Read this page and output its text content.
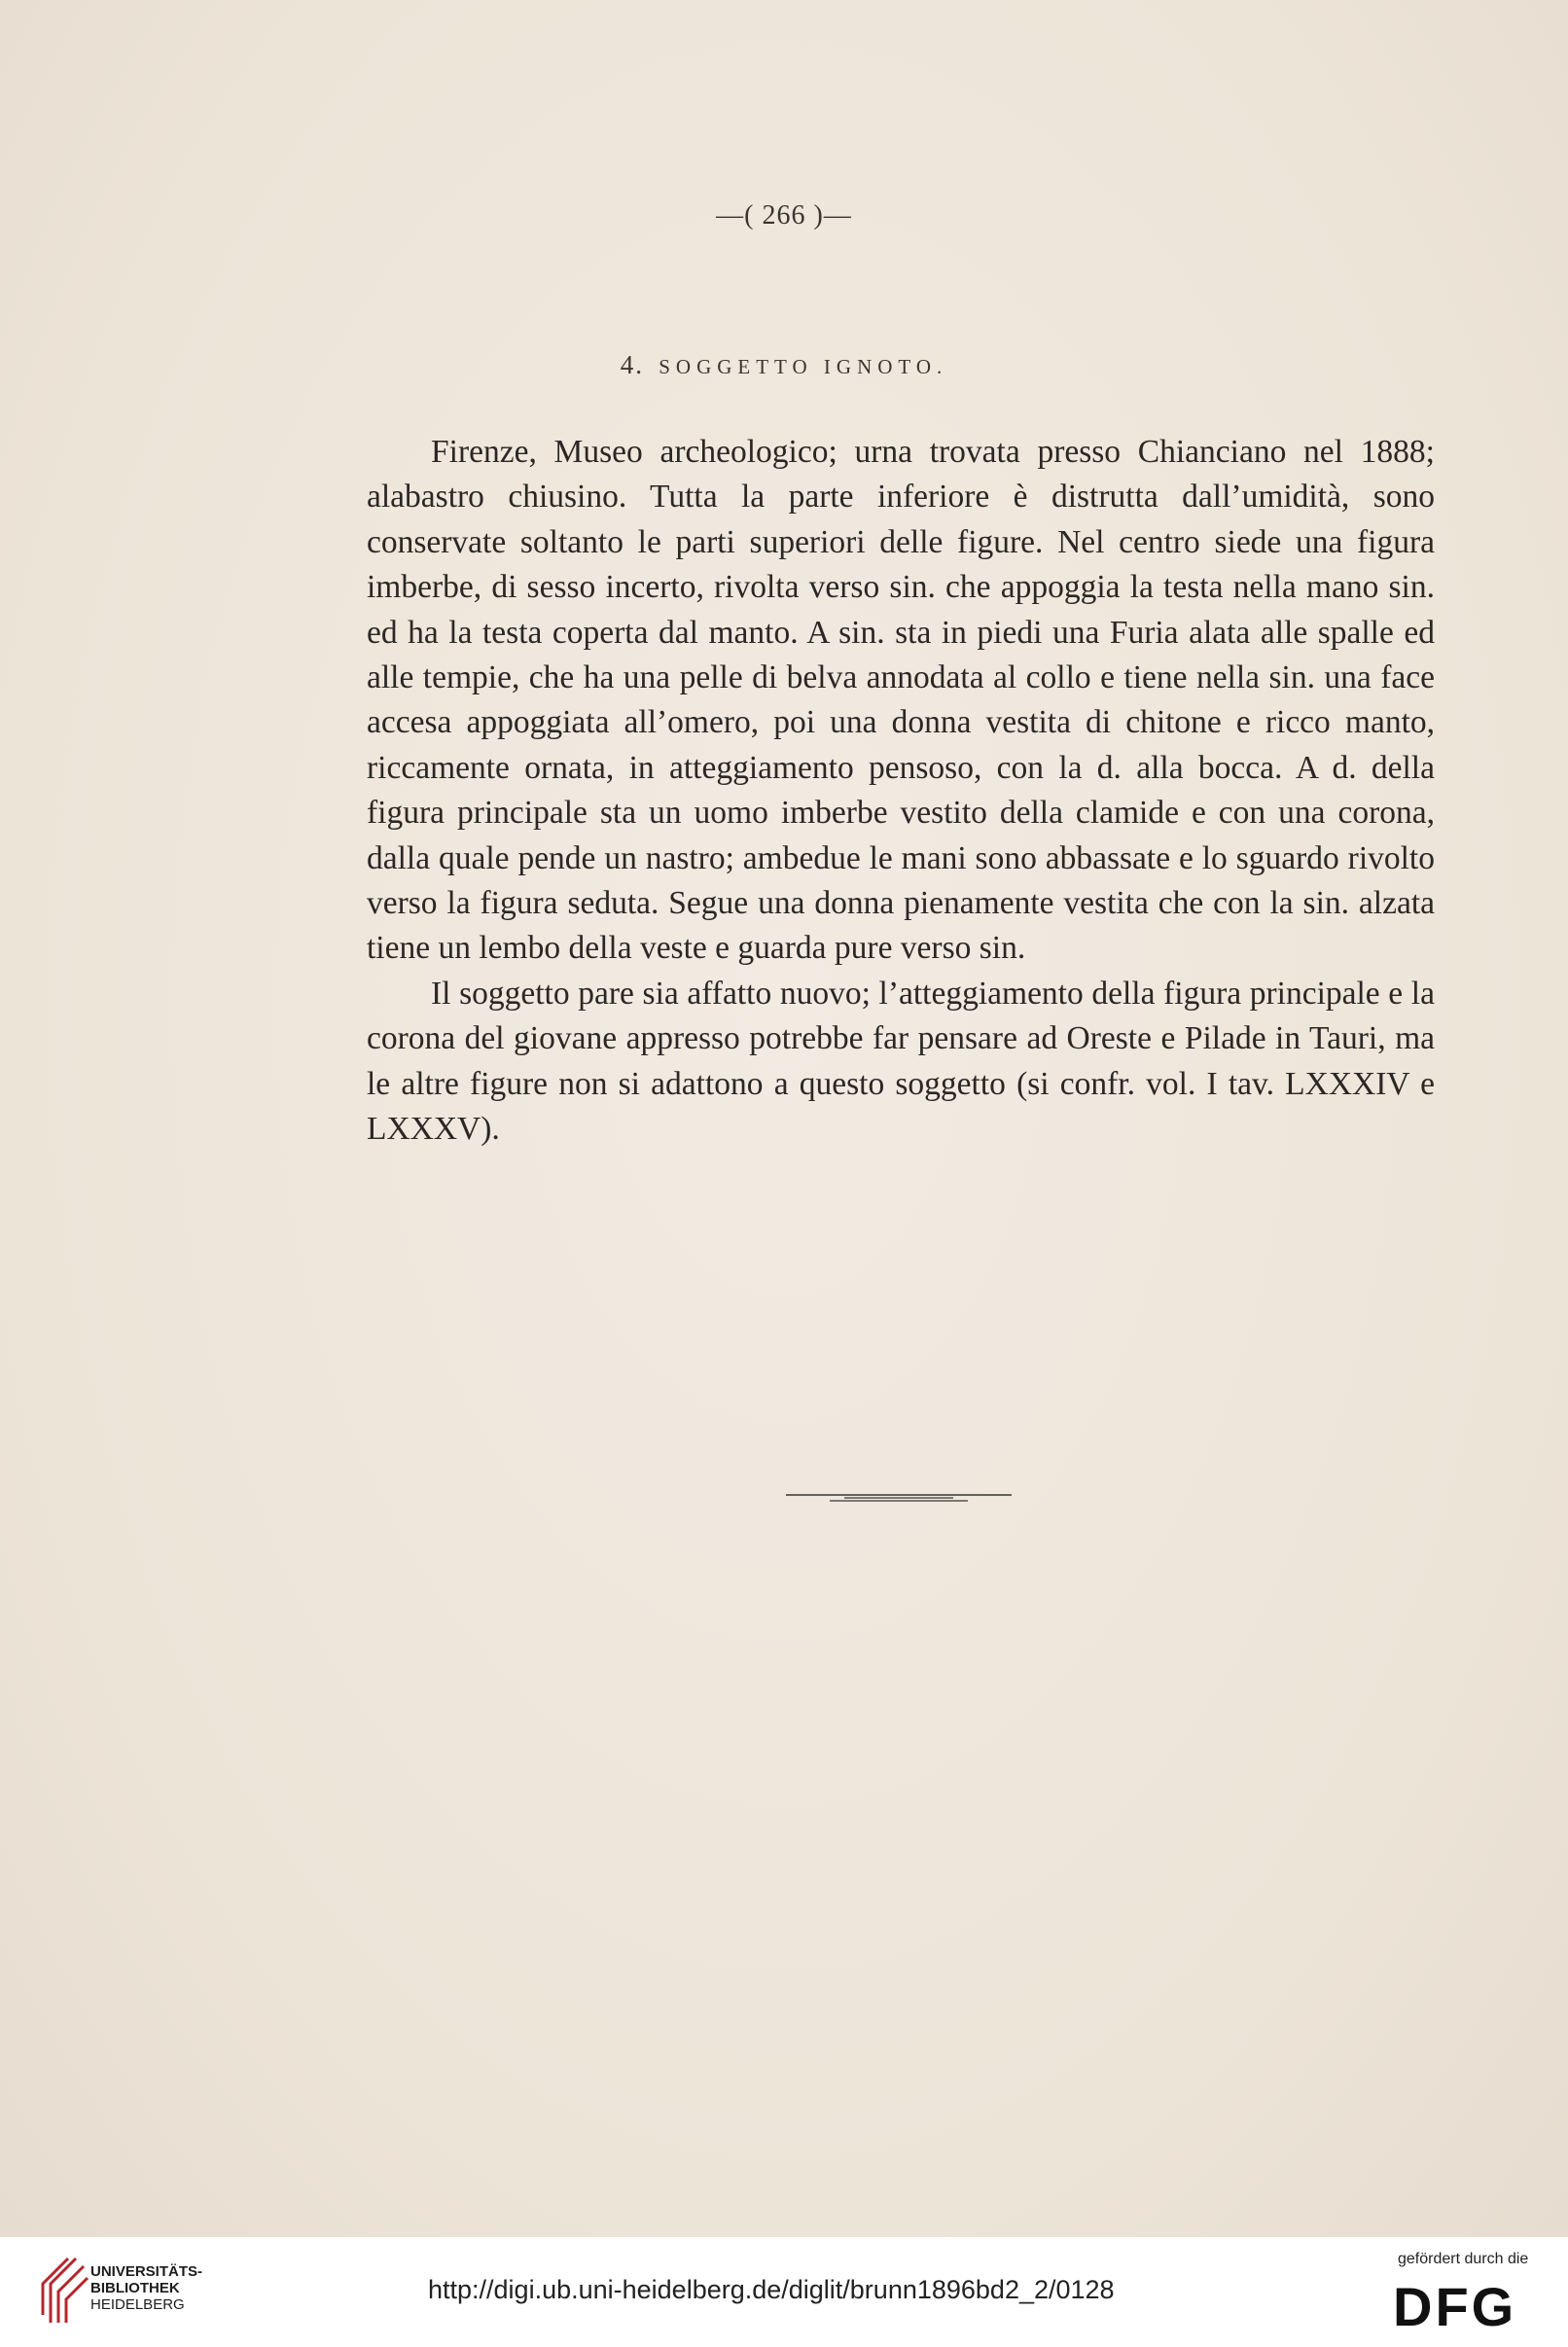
—( 266 )—
4. SOGGETTO IGNOTO.

Firenze, Museo archeologico; urna trovata presso Chianciano nel 1888; alabastro chiusino. Tutta la parte inferiore è distrutta dall’umidità, sono conservate soltanto le parti superiori delle figure. Nel centro siede una figura imberbe, di sesso incerto, rivolta verso sin. che appoggia la testa nella mano sin. ed ha la testa coperta dal manto. A sin. sta in piedi una Furia alata alle spalle ed alle tempie, che ha una pelle di belva annodata al collo e tiene nella sin. una face accesa appoggiata all’omero, poi una donna vestita di chitone e ricco manto, riccamente ornata, in atteggiamento pensoso, con la d. alla bocca. A d. della figura principale sta un uomo imberbe vestito della clamide e con una corona, dalla quale pende un nastro; ambedue le mani sono abbassate e lo sguardo rivolto verso la figura seduta. Segue una donna pienamente vestita che con la sin. alzata tiene un lembo della veste e guarda pure verso sin.

Il soggetto pare sia affatto nuovo; l’atteggiamento della figura principale e la corona del giovane appresso potrebbe far pensare ad Oreste e Pilade in Tauri, ma le altre figure non si adattono a questo soggetto (si confr. vol. I tav. LXXXIV e LXXXV).

UNIVERSITÄTS-
BIBLIOTHEK
HEIDELBERG
http://digi.ub.uni-heidelberg.de/diglit/brunn1896bd2_2/0128
gefördert durch die
DFG
